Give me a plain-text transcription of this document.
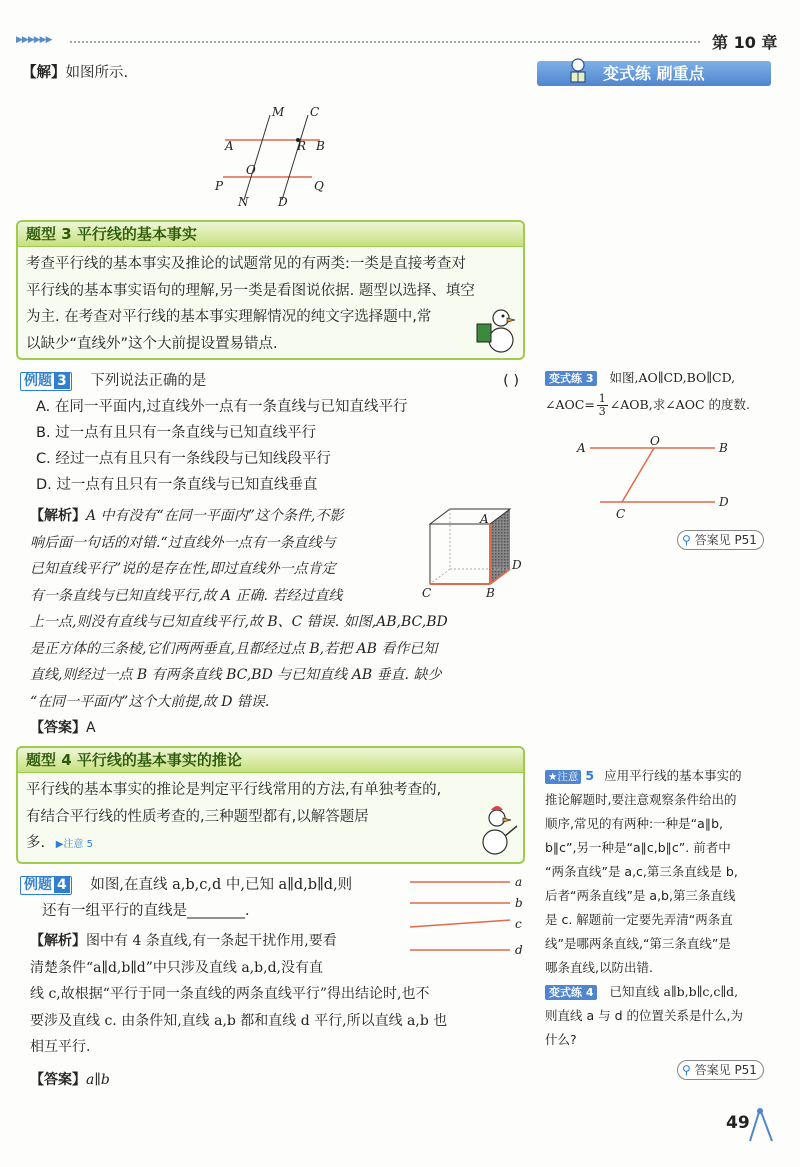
▶▶▶▶▶▶	第 10 章
变式练 刷重点
【解】如图所示.
M C
A	R B
O
P	Q
N D
题型 3 平行线的基本事实
考查平行线的基本事实及推论的试题常见的有两类:一类是直接考查对
平行线的基本事实语句的理解,另一类是看图说依据. 题型以选择、填空
为主. 在考查对平行线的基本事实理解情况的纯文字选择题中,常
以缺少“直线外”这个大前提设置易错点.
例题 3 下列说法正确的是	( )
A. 在同一平面内,过直线外一点有一条直线与已知直线平行
B. 过一点有且只有一条直线与已知直线平行
C. 经过一点有且只有一条线段与已知线段平行
D. 过一点有且只有一条直线与已知直线垂直
【解析】A 中有没有“在同一平面内”这个条件,不影
响后面一句话的对错.“过直线外一点有一条直线与
已知直线平行”说的是存在性,即过直线外一点肯定
有一条直线与已知直线平行,故 A 正确. 若经过直线
上一点,则没有直线与已知直线平行,故 B、C 错误. 如图,AB,BC,BD
是正方体的三条棱,它们两两垂直,且都经过点 B,若把 AB 看作已知
直线,则经过一点 B 有两条直线 BC,BD 与已知直线 AB 垂直. 缺少
“在同一平面内”这个大前提,故 D 错误.
【答案】A
A
B
C
D
题型 4 平行线的基本事实的推论
平行线的基本事实的推论是判定平行线常用的方法,有单独考查的,
有结合平行线的性质考查的,三种题型都有,以解答题居
多. ▶注意 5
例题 4 如图,在直线 a,b,c,d 中,已知 a∥d,b∥d,则
还有一组平行的直线是________.
a
b
c
d
【解析】图中有 4 条直线,有一条起干扰作用,要看
清楚条件“a∥d,b∥d”中只涉及直线 a,b,d,没有直
线 c,故根据“平行于同一条直线的两条直线平行”得出结论时,也不
要涉及直线 c. 由条件知,直线 a,b 都和直线 d 平行,所以直线 a,b 也
相互平行.
【答案】a∥b
变式练 3 如图,AO∥CD,BO∥CD,
∠AOC= $\frac{1}{3}$ ∠AOB,求∠AOC 的度数.
A	O	B
C
D
⚲ 答案见 P51
★注意 5 应用平行线的基本事实的
推论解题时,要注意观察条件给出的
顺序,常见的有两种:一种是“a∥b,
b∥c”,另一种是“a∥c,b∥c”. 前者中
“两条直线”是 a,c,第三条直线是 b,
后者“两条直线”是 a,b,第三条直线
是 c. 解题前一定要先弄清“两条直
线”是哪两条直线,“第三条直线”是
哪条直线,以防出错.
变式练 4 已知直线 a∥b,b∥c,c∥d,
则直线 a 与 d 的位置关系是什么,为
什么?
⚲ 答案见 P51
49
